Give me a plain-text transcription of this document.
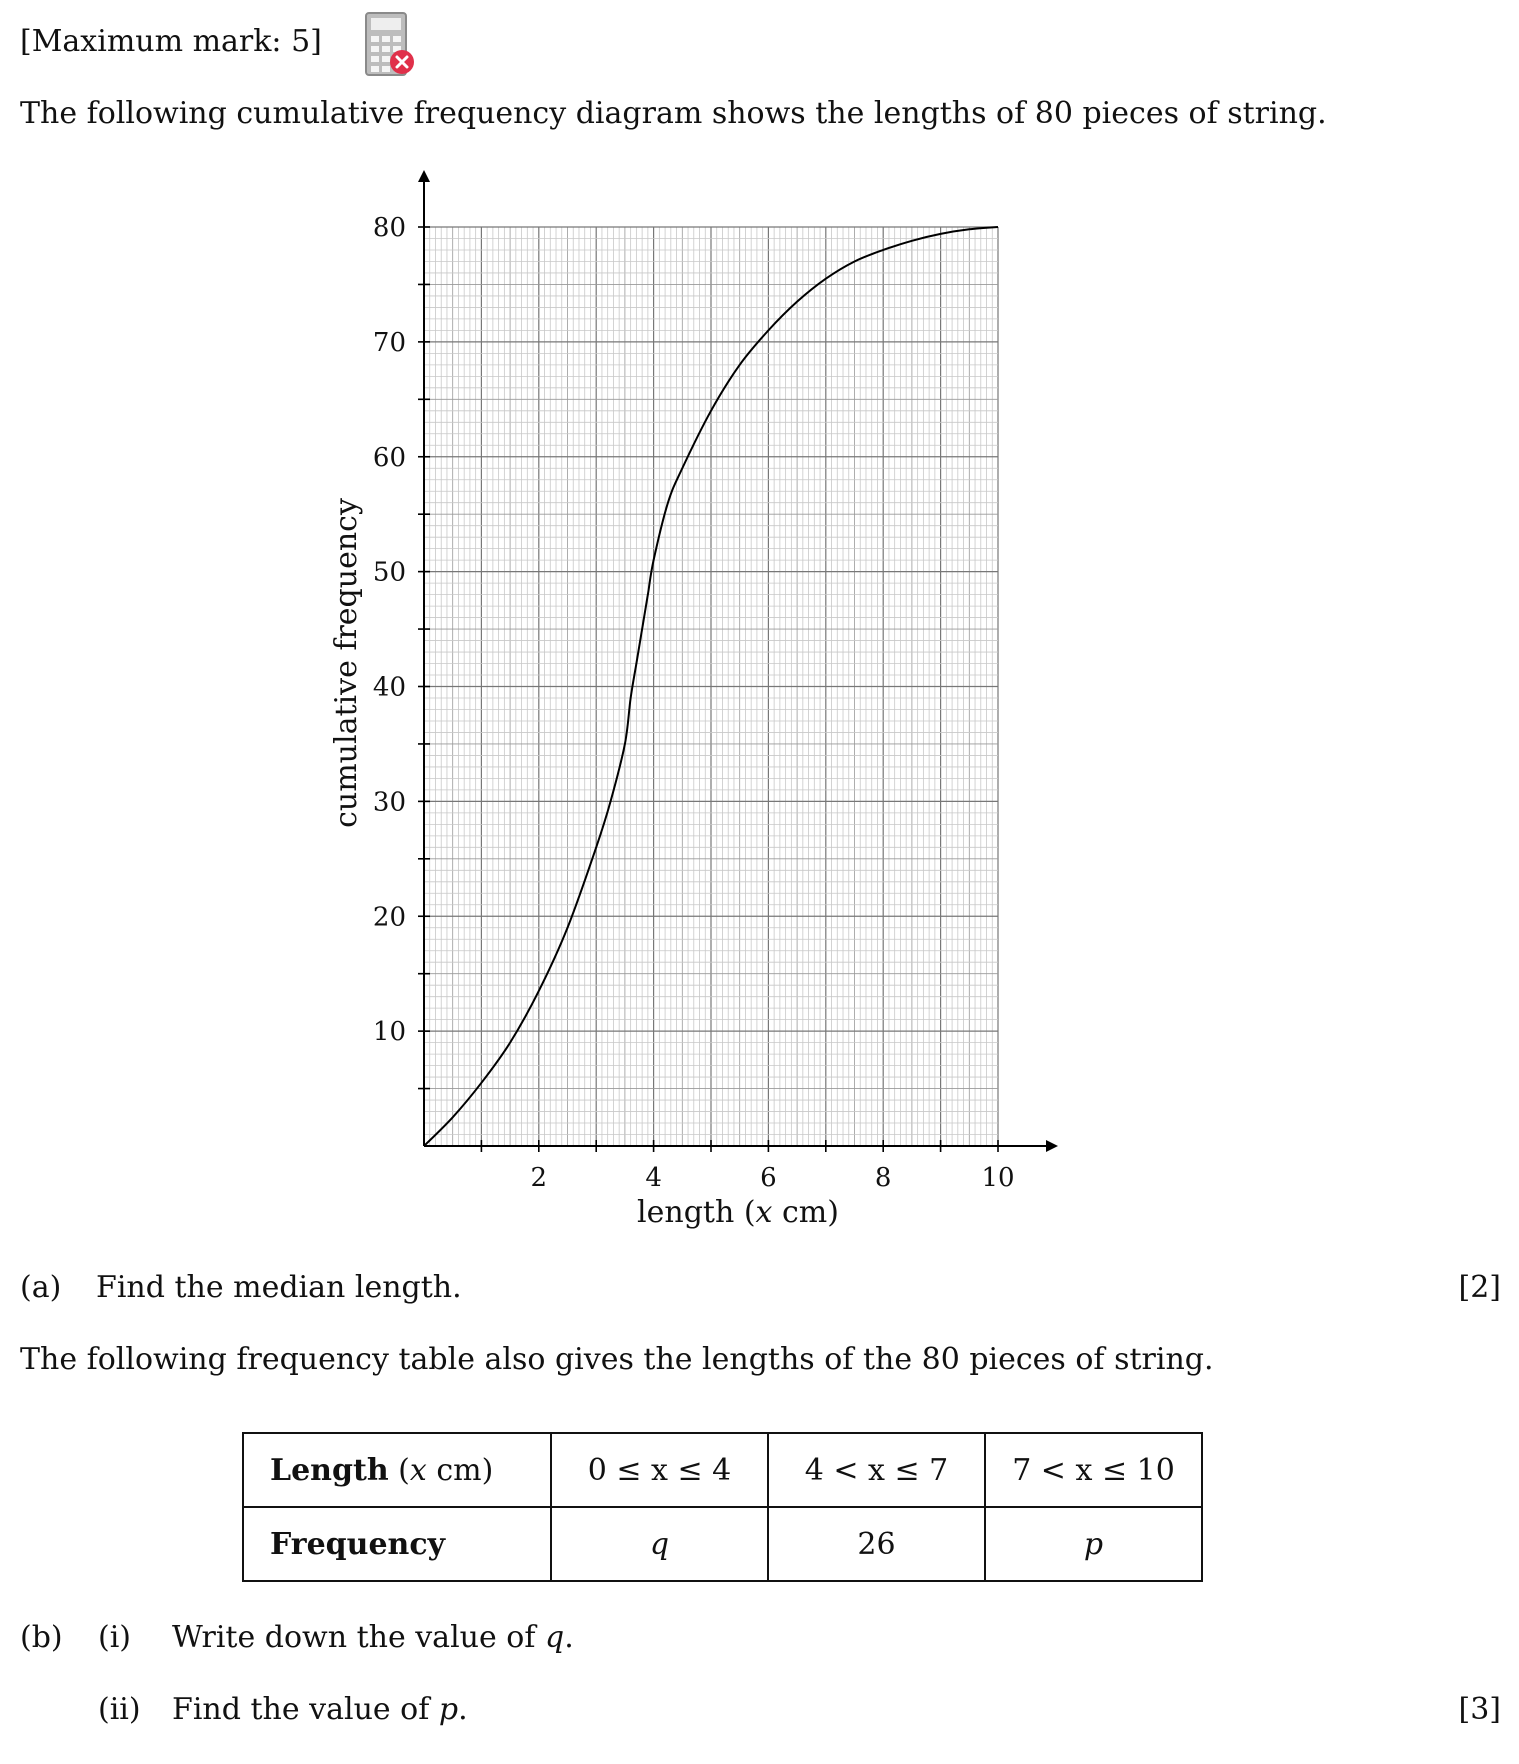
[Maximum mark: 5]
The following cumulative frequency diagram shows the lengths of 80 pieces of string.
2	4	6	8	10
10
20
30
40
50
60
70
80
length (x cm)
cumulative frequency
(a) Find the median length.	[2]
The following frequency table also gives the lengths of the 80 pieces of string.
Length (x cm)	0 ≤ x ≤ 4	4 < x ≤ 7	7 < x ≤ 10
Frequency	q	26	p
(b) (i) Write down the value of q.
(ii) Find the value of p.	[3]
